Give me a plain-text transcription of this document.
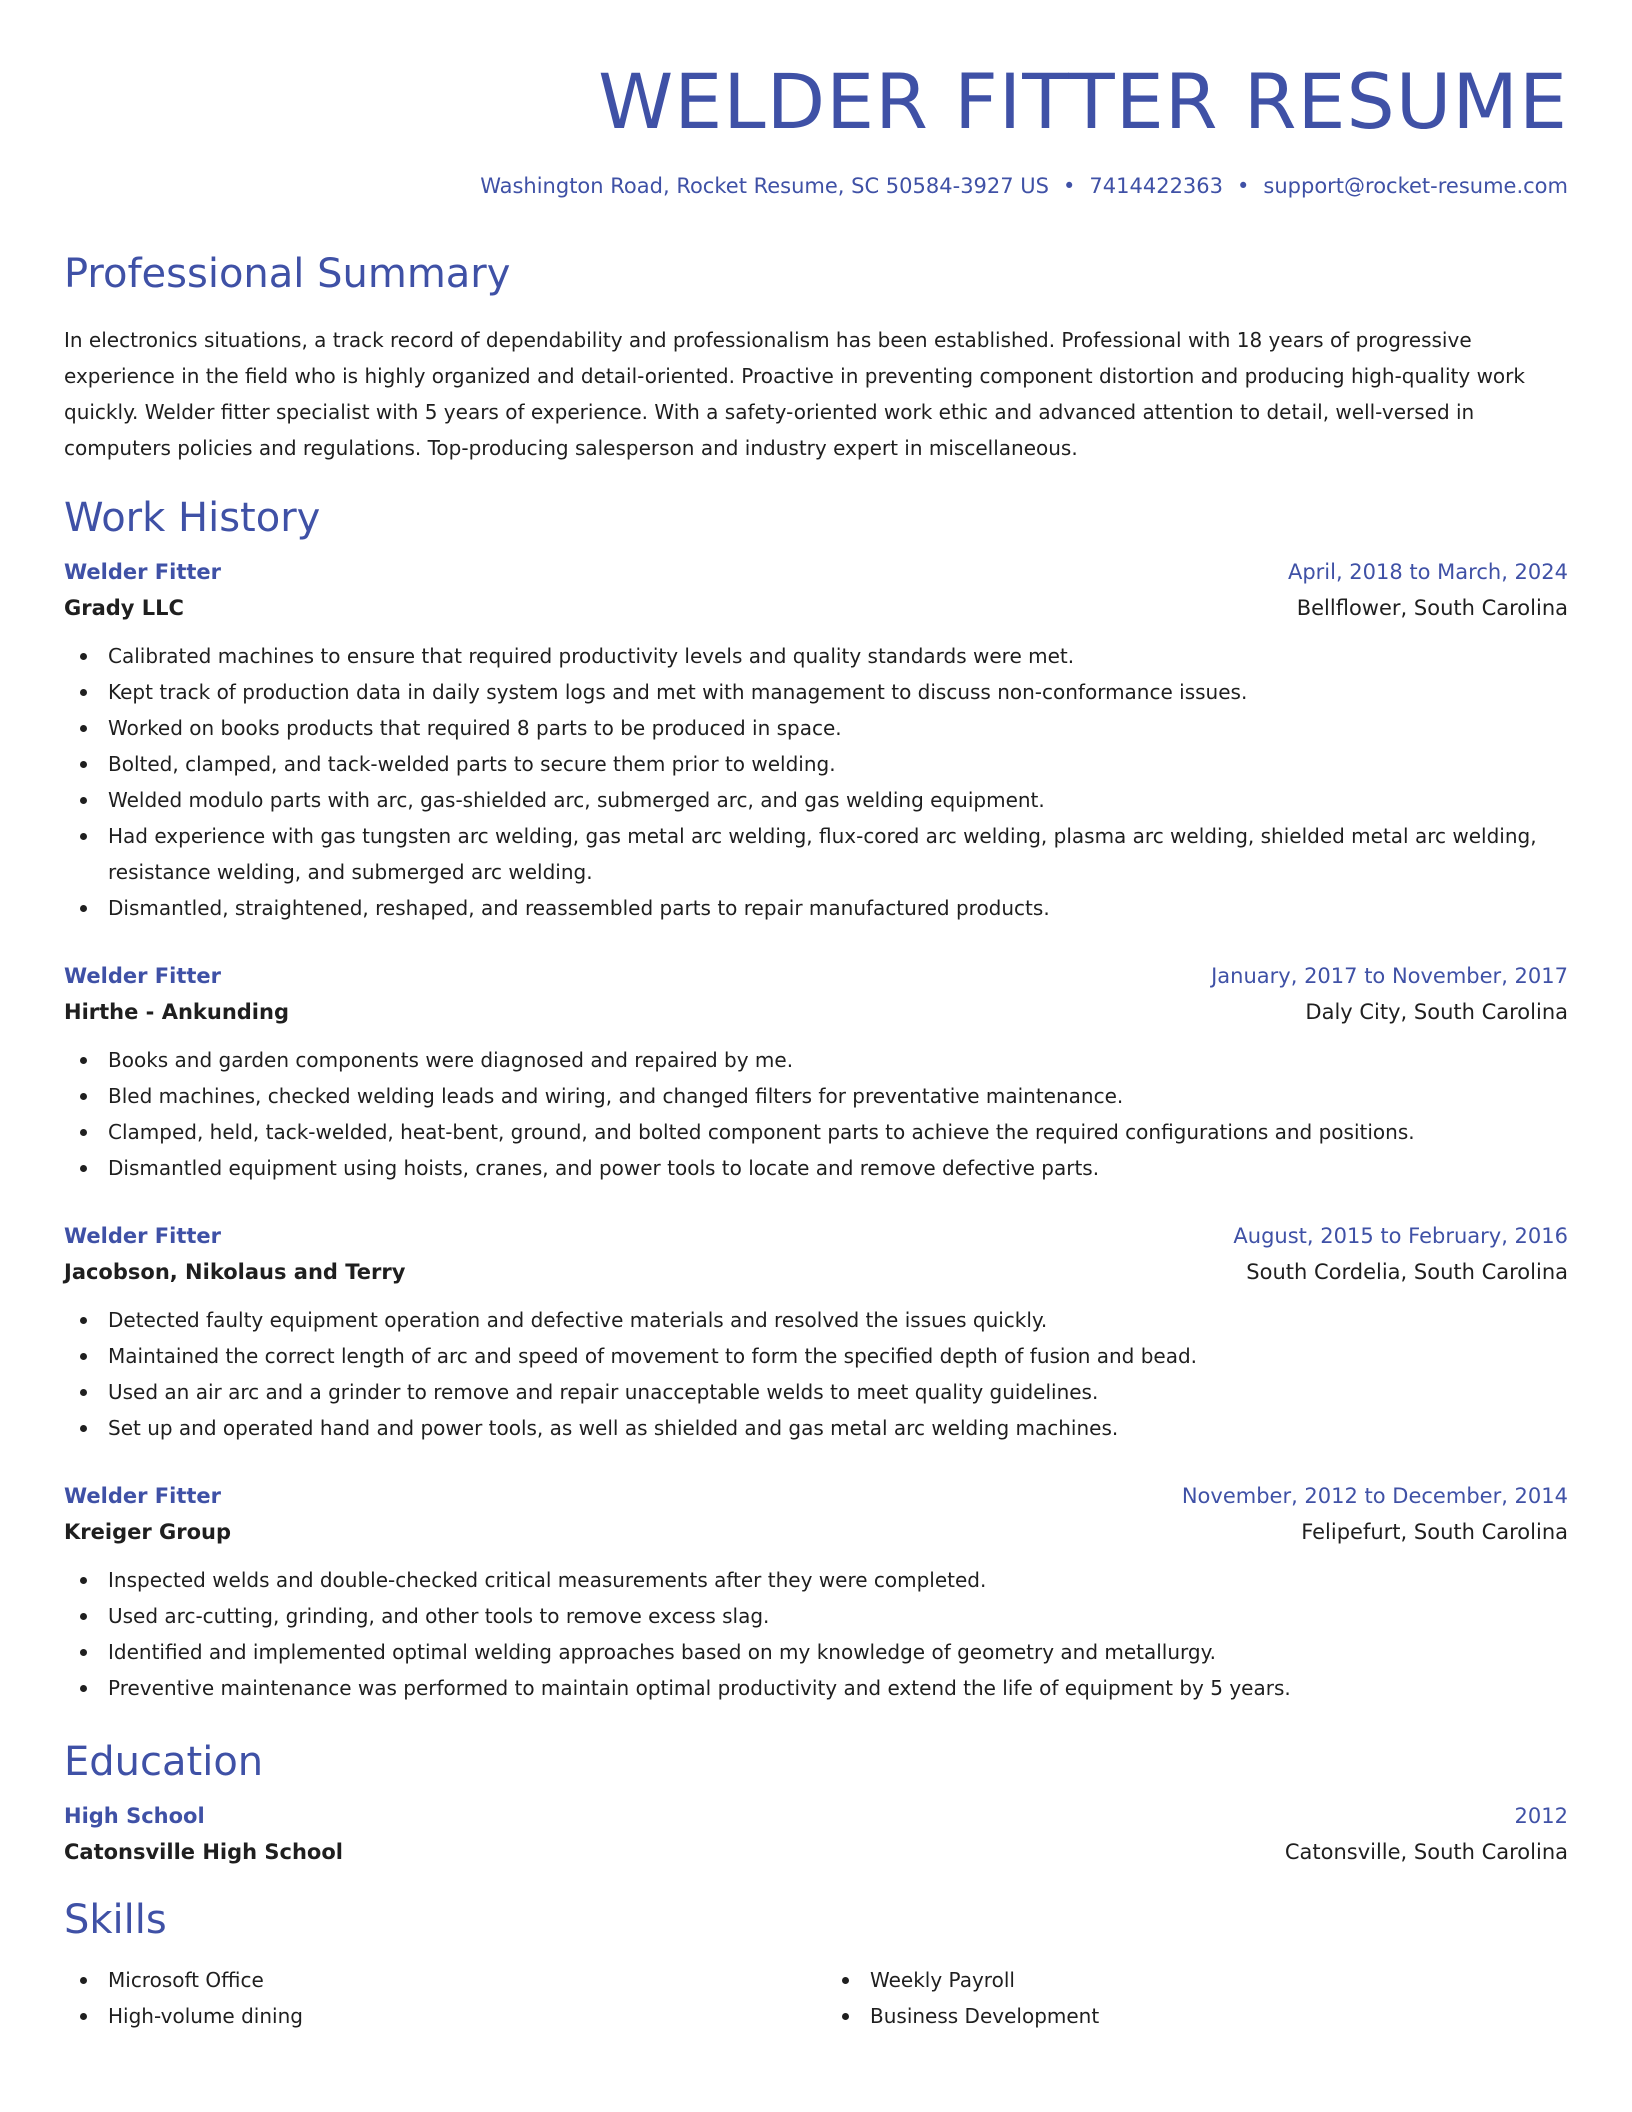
WELDER FITTER RESUME
Washington Road, Rocket Resume, SC 50584-3927 US • 7414422363 • support@rocket-resume.com
Professional Summary
In electronics situations, a track record of dependability and professionalism has been established. Professional with 18 years of progressive experience in the field who is highly organized and detail-oriented. Proactive in preventing component distortion and producing high-quality work quickly. Welder fitter specialist with 5 years of experience. With a safety-oriented work ethic and advanced attention to detail, well-versed in computers policies and regulations. Top-producing salesperson and industry expert in miscellaneous.
Work History
Welder Fitter	April, 2018 to March, 2024
Grady LLC	Bellflower, South Carolina
Calibrated machines to ensure that required productivity levels and quality standards were met.
Kept track of production data in daily system logs and met with management to discuss non-conformance issues.
Worked on books products that required 8 parts to be produced in space.
Bolted, clamped, and tack-welded parts to secure them prior to welding.
Welded modulo parts with arc, gas-shielded arc, submerged arc, and gas welding equipment.
Had experience with gas tungsten arc welding, gas metal arc welding, flux-cored arc welding, plasma arc welding, shielded metal arc welding, resistance welding, and submerged arc welding.
Dismantled, straightened, reshaped, and reassembled parts to repair manufactured products.
Welder Fitter	January, 2017 to November, 2017
Hirthe - Ankunding	Daly City, South Carolina
Books and garden components were diagnosed and repaired by me.
Bled machines, checked welding leads and wiring, and changed filters for preventative maintenance.
Clamped, held, tack-welded, heat-bent, ground, and bolted component parts to achieve the required configurations and positions.
Dismantled equipment using hoists, cranes, and power tools to locate and remove defective parts.
Welder Fitter	August, 2015 to February, 2016
Jacobson, Nikolaus and Terry	South Cordelia, South Carolina
Detected faulty equipment operation and defective materials and resolved the issues quickly.
Maintained the correct length of arc and speed of movement to form the specified depth of fusion and bead.
Used an air arc and a grinder to remove and repair unacceptable welds to meet quality guidelines.
Set up and operated hand and power tools, as well as shielded and gas metal arc welding machines.
Welder Fitter	November, 2012 to December, 2014
Kreiger Group	Felipefurt, South Carolina
Inspected welds and double-checked critical measurements after they were completed.
Used arc-cutting, grinding, and other tools to remove excess slag.
Identified and implemented optimal welding approaches based on my knowledge of geometry and metallurgy.
Preventive maintenance was performed to maintain optimal productivity and extend the life of equipment by 5 years.
Education
High School	2012
Catonsville High School	Catonsville, South Carolina
Skills
Microsoft Office
High-volume dining
Weekly Payroll
Business Development
